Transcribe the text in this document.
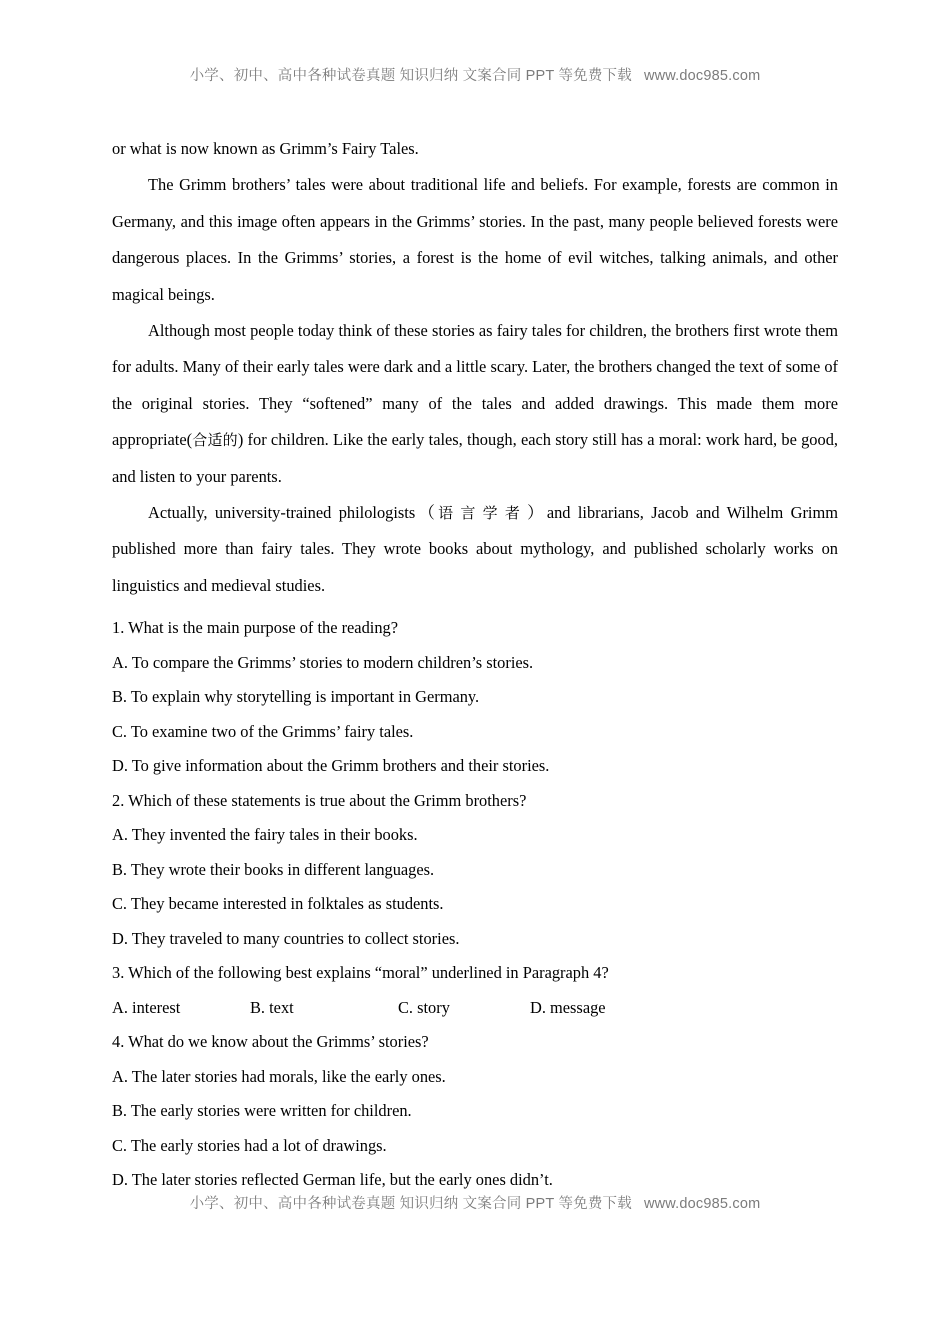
小学、初中、高中各种试卷真题 知识归纳 文案合同 PPT 等免费下载 www.doc985.com

or what is now known as Grimm’s Fairy Tales.

The Grimm brothers’ tales were about traditional life and beliefs. For example, forests are common in Germany, and this image often appears in the Grimms’ stories. In the past, many people believed forests were dangerous places. In the Grimms’ stories, a forest is the home of evil witches, talking animals, and other magical beings.

Although most people today think of these stories as fairy tales for children, the brothers first wrote them for adults. Many of their early tales were dark and a little scary. Later, the brothers changed the text of some of the original stories. They “softened” many of the tales and added drawings. This made them more appropriate(合适的) for children. Like the early tales, though, each story still has a moral: work hard, be good, and listen to your parents.

Actually, university-trained philologists（语言学者）and librarians, Jacob and Wilhelm Grimm published more than fairy tales. They wrote books about mythology, and published scholarly works on linguistics and medieval studies.

1. What is the main purpose of the reading?
A. To compare the Grimms’ stories to modern children’s stories.
B. To explain why storytelling is important in Germany.
C. To examine two of the Grimms’ fairy tales.
D. To give information about the Grimm brothers and their stories.
2. Which of these statements is true about the Grimm brothers?
A. They invented the fairy tales in their books.
B. They wrote their books in different languages.
C. They became interested in folktales as students.
D. They traveled to many countries to collect stories.
3. Which of the following best explains “moral” underlined in Paragraph 4?
A. interest	B. text	C. story	D. message
4. What do we know about the Grimms’ stories?
A. The later stories had morals, like the early ones.
B. The early stories were written for children.
C. The early stories had a lot of drawings.
D. The later stories reflected German life, but the early ones didn’t.
小学、初中、高中各种试卷真题 知识归纳 文案合同 PPT 等免费下载 www.doc985.com
